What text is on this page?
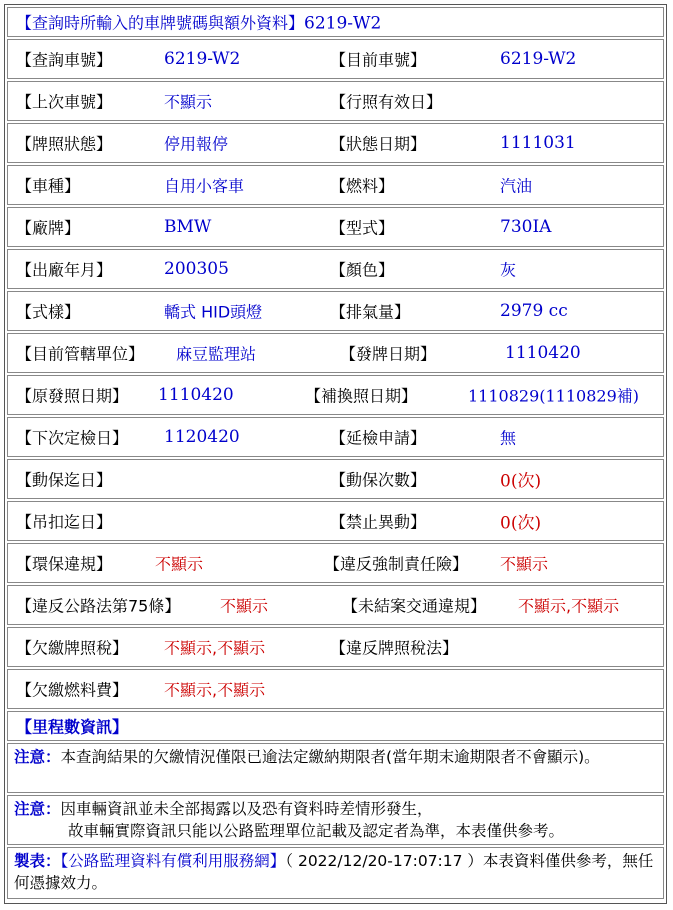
【查詢時所輸入的車牌號碼與額外資料】6219-W2
【查詢車號】	6219-W2	【目前車號】	6219-W2
【上次車號】	不顯示	【行照有效日】
【牌照狀態】	停用報停	【狀態日期】	1111031
【車種】	自用小客車	【燃料】	汽油
【廠牌】	BMW	【型式】	730IA
【出廠年月】	200305	【顏色】	灰
【式樣】	轎式 HID頭燈	【排氣量】	2979 cc
【目前管轄單位】 麻豆監理站	【發牌日期】	1110420
【原發照日期】 1110420	【補換照日期】	1110829(1110829補)
【下次定檢日】 1120420	【延檢申請】	無
【動保迄日】	【動保次數】	0(次)
【吊扣迄日】	【禁止異動】	0(次)
【環保違規】	不顯示	【違反強制責任險】 不顯示
【違反公路法第75條】 不顯示	【未結案交通違規】 不顯示,不顯示
【欠繳牌照稅】 不顯示,不顯示	【違反牌照稅法】
【欠繳燃料費】 不顯示,不顯示
【里程數資訊】
注意：本查詢結果的欠繳情況僅限已逾法定繳納期限者(當年期末逾期限者不會顯示)。
注意：因車輛資訊並未全部揭露以及恐有資料時差情形發生，
故車輛實際資訊只能以公路監理單位記載及認定者為準，本表僅供參考。
製表：【公路監理資料有償利用服務網】（ 2022/12/20-17:07:17 ）本表資料僅供參考，無任何憑據效力。
